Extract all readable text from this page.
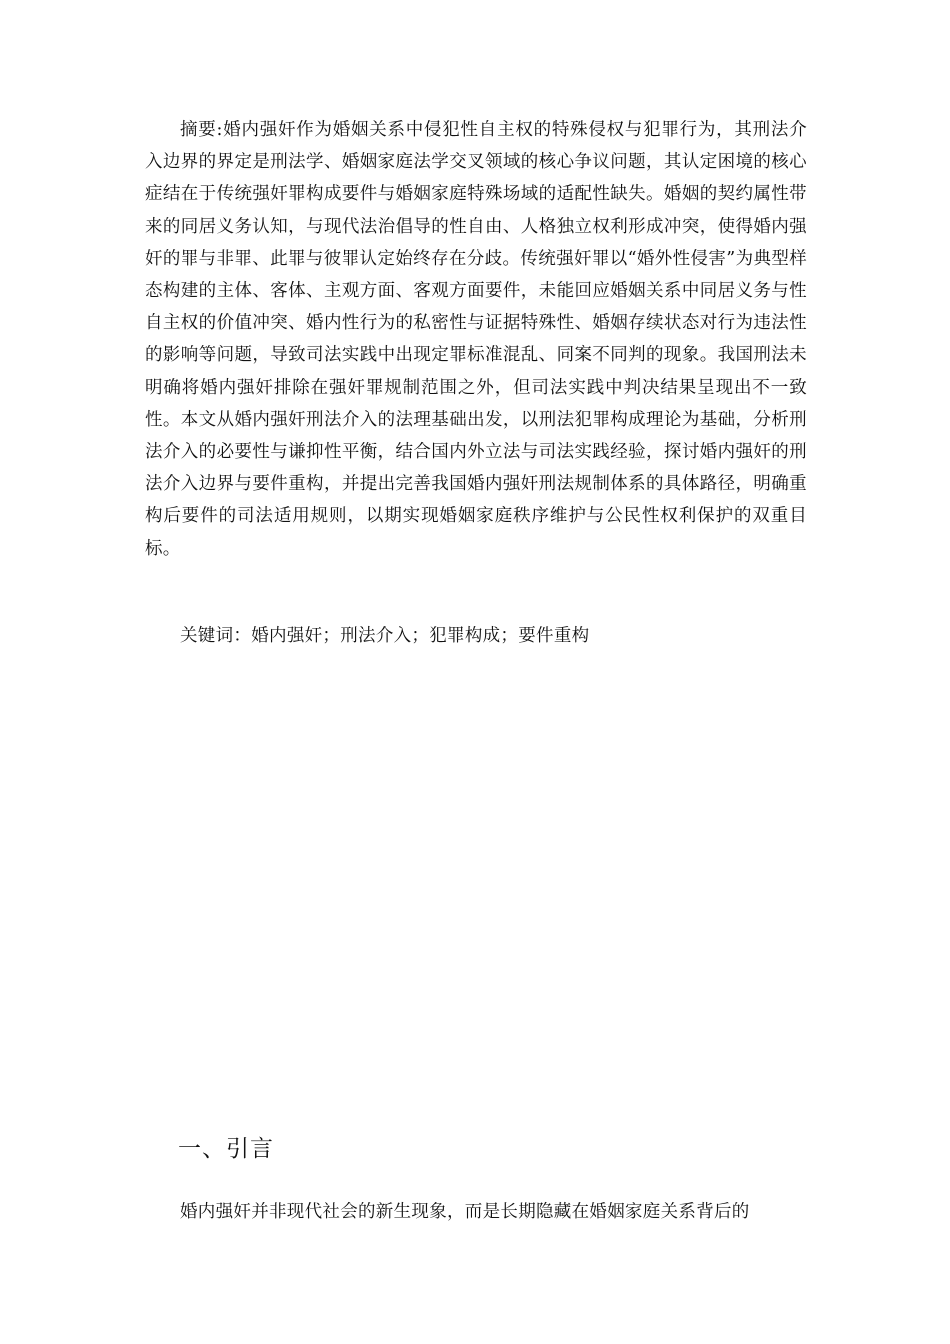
摘要:婚内强奸作为婚姻关系中侵犯性自主权的特殊侵权与犯罪行为，其刑法介入边界的界定是刑法学、婚姻家庭法学交叉领域的核心争议问题，其认定困境的核心症结在于传统强奸罪构成要件与婚姻家庭特殊场域的适配性缺失。婚姻的契约属性带来的同居义务认知，与现代法治倡导的性自由、人格独立权利形成冲突，使得婚内强奸的罪与非罪、此罪与彼罪认定始终存在分歧。传统强奸罪以“婚外性侵害”为典型样态构建的主体、客体、主观方面、客观方面要件，未能回应婚姻关系中同居义务与性自主权的价值冲突、婚内性行为的私密性与证据特殊性、婚姻存续状态对行为违法性的影响等问题，导致司法实践中出现定罪标准混乱、同案不同判的现象。我国刑法未明确将婚内强奸排除在强奸罪规制范围之外，但司法实践中判决结果呈现出不一致性。本文从婚内强奸刑法介入的法理基础出发，以刑法犯罪构成理论为基础，分析刑法介入的必要性与谦抑性平衡，结合国内外立法与司法实践经验，探讨婚内强奸的刑法介入边界与要件重构，并提出完善我国婚内强奸刑法规制体系的具体路径，明确重构后要件的司法适用规则，以期实现婚姻家庭秩序维护与公民性权利保护的双重目标。

关键词：婚内强奸；刑法介入；犯罪构成；要件重构

一、引言

婚内强奸并非现代社会的新生现象，而是长期隐藏在婚姻家庭关系背后的
